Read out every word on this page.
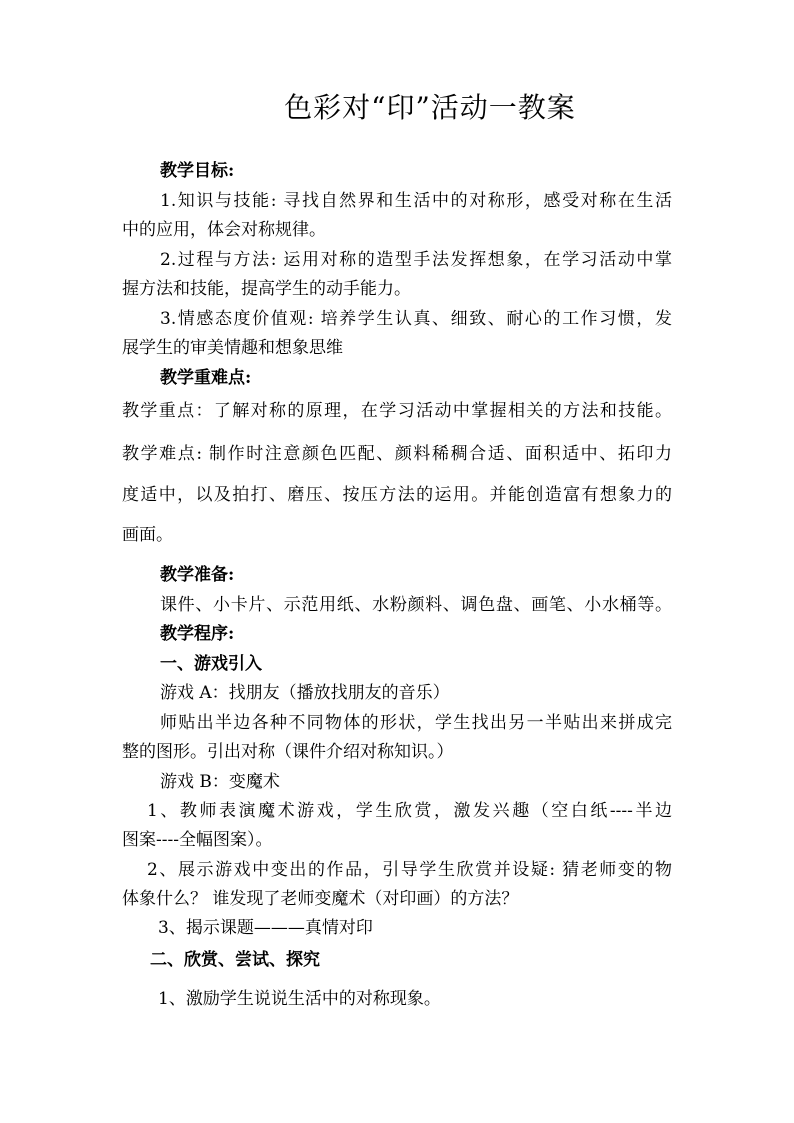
色彩对“印”活动一教案
教学目标:
1.知识与技能: 寻找自然界和生活中的对称形，感受对称在生活
中的应用，体会对称规律。
2.过程与方法: 运用对称的造型手法发挥想象，在学习活动中掌
握方法和技能，提高学生的动手能力。
3.情感态度价值观: 培养学生认真、细致、耐心的工作习惯，发
展学生的审美情趣和想象思维
教学重难点:
教学重点：了解对称的原理，在学习活动中掌握相关的方法和技能。
教学难点: 制作时注意颜色匹配、颜料稀稠合适、面积适中、拓印力
度适中，以及拍打、磨压、按压方法的运用。并能创造富有想象力的
画面。
教学准备:
课件、小卡片、示范用纸、水粉颜料、调色盘、画笔、小水桶等。
教学程序:
一、游戏引入
游戏 A：找朋友（播放找朋友的音乐）
师贴出半边各种不同物体的形状，学生找出另一半贴出来拼成完
整的图形。引出对称（课件介绍对称知识。）
游戏 B：变魔术
1、教师表演魔术游戏，学生欣赏，激发兴趣（空白纸----半边
图案----全幅图案）。
2、展示游戏中变出的作品，引导学生欣赏并设疑: 猜老师变的物
体象什么？ 谁发现了老师变魔术（对印画）的方法？
3、揭示课题———真情对印
二、欣赏、尝试、探究
1、激励学生说说生活中的对称现象。
